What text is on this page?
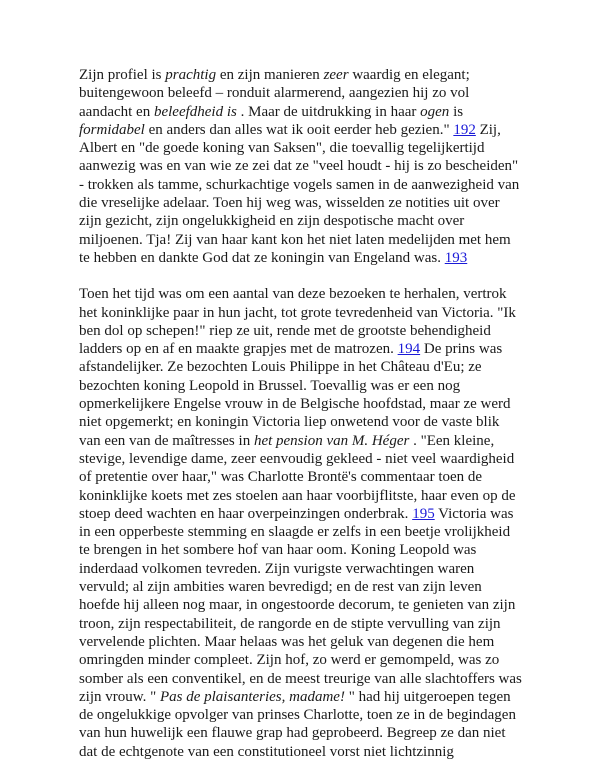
Zijn profiel is prachtig en zijn manieren zeer waardig en elegant; buitengewoon beleefd – ronduit alarmerend, aangezien hij zo vol aandacht en beleefdheid is . Maar de uitdrukking in haar ogen is formidabel en anders dan alles wat ik ooit eerder heb gezien." 192 Zij, Albert en "de goede koning van Saksen", die toevallig tegelijkertijd aanwezig was en van wie ze zei dat ze "veel houdt - hij is zo bescheiden" - trokken als tamme, schurkachtige vogels samen in de aanwezigheid van die vreselijke adelaar. Toen hij weg was, wisselden ze notities uit over zijn gezicht, zijn ongelukkigheid en zijn despotische macht over miljoenen. Tja! Zij van haar kant kon het niet laten medelijden met hem te hebben en dankte God dat ze koningin van Engeland was. 193

Toen het tijd was om een aantal van deze bezoeken te herhalen, vertrok het koninklijke paar in hun jacht, tot grote tevredenheid van Victoria. "Ik ben dol op schepen!" riep ze uit, rende met de grootste behendigheid ladders op en af en maakte grapjes met de matrozen. 194 De prins was afstandelijker. Ze bezochten Louis Philippe in het Château d'Eu; ze bezochten koning Leopold in Brussel. Toevallig was er een nog opmerkelijkere Engelse vrouw in de Belgische hoofdstad, maar ze werd niet opgemerkt; en koningin Victoria liep onwetend voor de vaste blik van een van de maîtresses in het pension van M. Héger . "Een kleine, stevige, levendige dame, zeer eenvoudig gekleed - niet veel waardigheid of pretentie over haar," was Charlotte Brontë's commentaar toen de koninklijke koets met zes stoelen aan haar voorbijflitste, haar even op de stoep deed wachten en haar overpeinzingen onderbrak. 195 Victoria was in een opperbeste stemming en slaagde er zelfs in een beetje vrolijkheid te brengen in het sombere hof van haar oom. Koning Leopold was inderdaad volkomen tevreden. Zijn vurigste verwachtingen waren vervuld; al zijn ambities waren bevredigd; en de rest van zijn leven hoefde hij alleen nog maar, in ongestoorde decorum, te genieten van zijn troon, zijn respectabiliteit, de rangorde en de stipte vervulling van zijn vervelende plichten. Maar helaas was het geluk van degenen die hem omringden minder compleet. Zijn hof, zo werd er gemompeld, was zo somber als een conventikel, en de meest treurige van alle slachtoffers was zijn vrouw. " Pas de plaisanteries, madame! " had hij uitgeroepen tegen de ongelukkige opvolger van prinses Charlotte, toen ze in de begindagen van hun huwelijk een flauwe grap had geprobeerd. Begreep ze dan niet dat de echtgenote van een constitutioneel vorst niet lichtzinnig
